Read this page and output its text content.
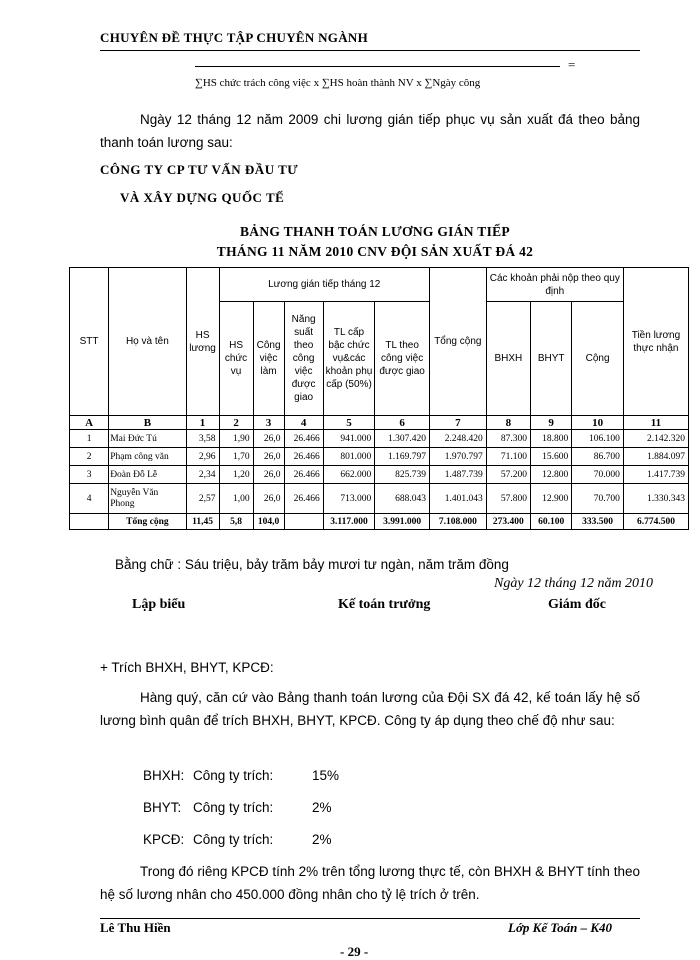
CHUYÊN ĐỀ THỰC TẬP CHUYÊN NGÀNH
=
∑HS chức trách công việc x ∑HS hoàn thành NV x ∑Ngày công
Ngày 12 tháng 12 năm 2009 chi lương gián tiếp phục vụ sản xuất đá theo bảng thanh toán lương sau:
CÔNG TY CP TƯ VẤN ĐẦU TƯ
VÀ XÂY DỰNG QUỐC TẾ
BẢNG THANH TOÁN LƯƠNG GIÁN TIẾP
THÁNG 11 NĂM 2010 CNV ĐỘI SẢN XUẤT ĐÁ 42
STT	Họ và tên	HS lương	Lương gián tiếp tháng 12					Tổng cộng	Các khoản phải nộp theo quy định			Tiền lương thực nhận
			HS chức vụ	Công việc làm	Năng suất theo công việc được giao	TL cấp bậc chức vụ&các khoản phụ cấp (50%)	TL theo công việc được giao		BHXH	BHYT	Cộng	
A	B	1	2	3	4	5	6	7	8	9	10	11
1	Mai Đức Tú	3,58	1,90	26,0	26.466	941.000	1.307.420	2.248.420	87.300	18.800	106.100	2.142.320
2	Phạm công văn	2,96	1,70	26,0	26.466	801.000	1.169.797	1.970.797	71.100	15.600	86.700	1.884.097
3	Đoàn Đỗ Lễ	2,34	1,20	26,0	26.466	662.000	825.739	1.487.739	57.200	12.800	70.000	1.417.739
4	Nguyễn Văn Phong	2,57	1,00	26,0	26.466	713.000	688.043	1.401.043	57.800	12.900	70.700	1.330.343
	Tổng cộng	11,45	5,8	104,0		3.117.000	3.991.000	7.108.000	273.400	60.100	333.500	6.774.500
Bằng chữ : Sáu triệu, bảy trăm bảy mươi tư ngàn, năm trăm đồng
Ngày 12 tháng 12 năm 2010
Lập biểu	Kế toán trưởng	Giám đốc
+ Trích BHXH, BHYT, KPCĐ:
Hàng quý, căn cứ vào Bảng thanh toán lương của Đội SX đá 42, kế toán lấy hệ số lương bình quân để trích BHXH, BHYT, KPCĐ. Công ty áp dụng theo chế độ như sau:
BHXH: Công ty trích:	15%
BHYT: Công ty trích:	2%
KPCĐ: Công ty trích:	2%
Trong đó riêng KPCĐ tính 2% trên tổng lương thực tế, còn BHXH & BHYT tính theo hệ số lương nhân cho 450.000 đồng nhân cho tỷ lệ trích ở trên.
Lê Thu Hiền	Lớp Kế Toán – K40
- 29 -
